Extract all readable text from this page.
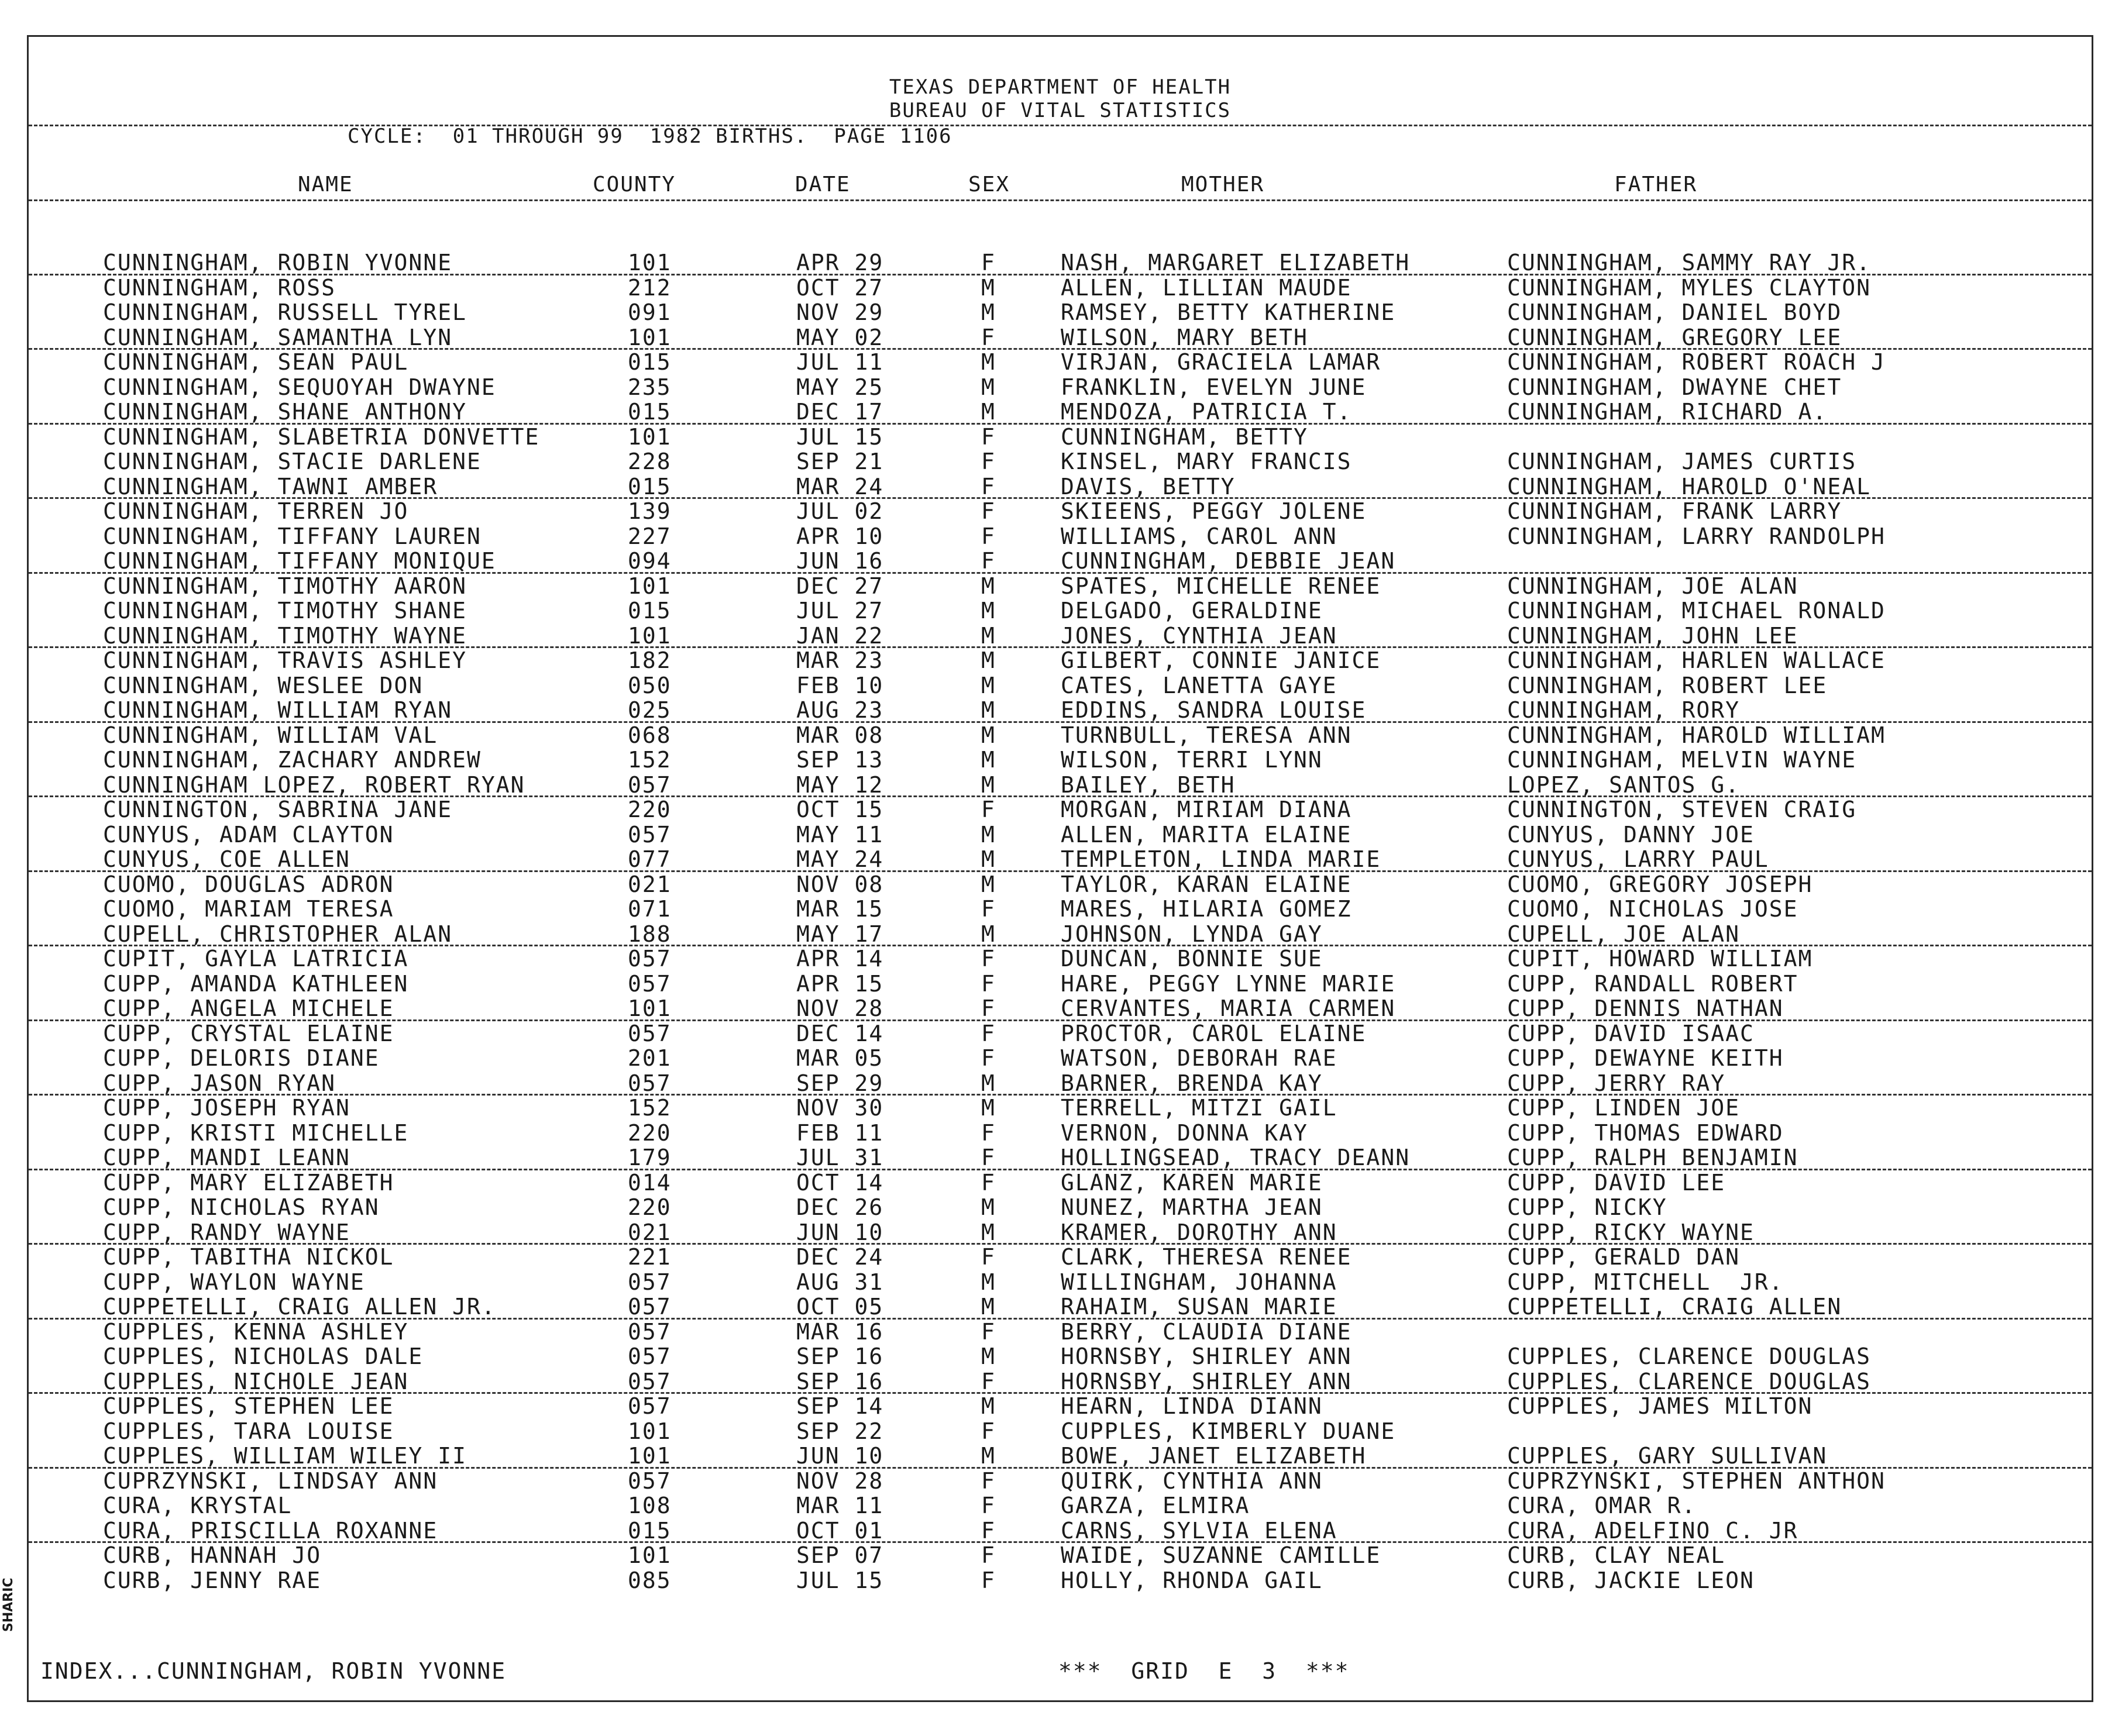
TEXAS DEPARTMENT OF HEALTH
BUREAU OF VITAL STATISTICS
CYCLE:  01 THROUGH 99  1982 BIRTHS.  PAGE 1106
NAME	COUNTY	DATE	SEX	MOTHER	FATHER
CUNNINGHAM, ROBIN YVONNE	101	APR 29	F	NASH, MARGARET ELIZABETH	CUNNINGHAM, SAMMY RAY JR.
CUNNINGHAM, ROSS	212	OCT 27	M	ALLEN, LILLIAN MAUDE	CUNNINGHAM, MYLES CLAYTON
CUNNINGHAM, RUSSELL TYREL	091	NOV 29	M	RAMSEY, BETTY KATHERINE	CUNNINGHAM, DANIEL BOYD
CUNNINGHAM, SAMANTHA LYN	101	MAY 02	F	WILSON, MARY BETH	CUNNINGHAM, GREGORY LEE
CUNNINGHAM, SEAN PAUL	015	JUL 11	M	VIRJAN, GRACIELA LAMAR	CUNNINGHAM, ROBERT ROACH J
CUNNINGHAM, SEQUOYAH DWAYNE	235	MAY 25	M	FRANKLIN, EVELYN JUNE	CUNNINGHAM, DWAYNE CHET
CUNNINGHAM, SHANE ANTHONY	015	DEC 17	M	MENDOZA, PATRICIA T.	CUNNINGHAM, RICHARD A.
CUNNINGHAM, SLABETRIA DONVETTE	101	JUL 15	F	CUNNINGHAM, BETTY
CUNNINGHAM, STACIE DARLENE	228	SEP 21	F	KINSEL, MARY FRANCIS	CUNNINGHAM, JAMES CURTIS
CUNNINGHAM, TAWNI AMBER	015	MAR 24	F	DAVIS, BETTY	CUNNINGHAM, HAROLD O'NEAL
CUNNINGHAM, TERREN JO	139	JUL 02	F	SKIEENS, PEGGY JOLENE	CUNNINGHAM, FRANK LARRY
CUNNINGHAM, TIFFANY LAUREN	227	APR 10	F	WILLIAMS, CAROL ANN	CUNNINGHAM, LARRY RANDOLPH
CUNNINGHAM, TIFFANY MONIQUE	094	JUN 16	F	CUNNINGHAM, DEBBIE JEAN
CUNNINGHAM, TIMOTHY AARON	101	DEC 27	M	SPATES, MICHELLE RENEE	CUNNINGHAM, JOE ALAN
CUNNINGHAM, TIMOTHY SHANE	015	JUL 27	M	DELGADO, GERALDINE	CUNNINGHAM, MICHAEL RONALD
CUNNINGHAM, TIMOTHY WAYNE	101	JAN 22	M	JONES, CYNTHIA JEAN	CUNNINGHAM, JOHN LEE
CUNNINGHAM, TRAVIS ASHLEY	182	MAR 23	M	GILBERT, CONNIE JANICE	CUNNINGHAM, HARLEN WALLACE
CUNNINGHAM, WESLEE DON	050	FEB 10	M	CATES, LANETTA GAYE	CUNNINGHAM, ROBERT LEE
CUNNINGHAM, WILLIAM RYAN	025	AUG 23	M	EDDINS, SANDRA LOUISE	CUNNINGHAM, RORY
CUNNINGHAM, WILLIAM VAL	068	MAR 08	M	TURNBULL, TERESA ANN	CUNNINGHAM, HAROLD WILLIAM
CUNNINGHAM, ZACHARY ANDREW	152	SEP 13	M	WILSON, TERRI LYNN	CUNNINGHAM, MELVIN WAYNE
CUNNINGHAM LOPEZ, ROBERT RYAN	057	MAY 12	M	BAILEY, BETH	LOPEZ, SANTOS G.
CUNNINGTON, SABRINA JANE	220	OCT 15	F	MORGAN, MIRIAM DIANA	CUNNINGTON, STEVEN CRAIG
CUNYUS, ADAM CLAYTON	057	MAY 11	M	ALLEN, MARITA ELAINE	CUNYUS, DANNY JOE
CUNYUS, COE ALLEN	077	MAY 24	M	TEMPLETON, LINDA MARIE	CUNYUS, LARRY PAUL
CUOMO, DOUGLAS ADRON	021	NOV 08	M	TAYLOR, KARAN ELAINE	CUOMO, GREGORY JOSEPH
CUOMO, MARIAM TERESA	071	MAR 15	F	MARES, HILARIA GOMEZ	CUOMO, NICHOLAS JOSE
CUPELL, CHRISTOPHER ALAN	188	MAY 17	M	JOHNSON, LYNDA GAY	CUPELL, JOE ALAN
CUPIT, GAYLA LATRICIA	057	APR 14	F	DUNCAN, BONNIE SUE	CUPIT, HOWARD WILLIAM
CUPP, AMANDA KATHLEEN	057	APR 15	F	HARE, PEGGY LYNNE MARIE	CUPP, RANDALL ROBERT
CUPP, ANGELA MICHELE	101	NOV 28	F	CERVANTES, MARIA CARMEN	CUPP, DENNIS NATHAN
CUPP, CRYSTAL ELAINE	057	DEC 14	F	PROCTOR, CAROL ELAINE	CUPP, DAVID ISAAC
CUPP, DELORIS DIANE	201	MAR 05	F	WATSON, DEBORAH RAE	CUPP, DEWAYNE KEITH
CUPP, JASON RYAN	057	SEP 29	M	BARNER, BRENDA KAY	CUPP, JERRY RAY
CUPP, JOSEPH RYAN	152	NOV 30	M	TERRELL, MITZI GAIL	CUPP, LINDEN JOE
CUPP, KRISTI MICHELLE	220	FEB 11	F	VERNON, DONNA KAY	CUPP, THOMAS EDWARD
CUPP, MANDI LEANN	179	JUL 31	F	HOLLINGSEAD, TRACY DEANN	CUPP, RALPH BENJAMIN
CUPP, MARY ELIZABETH	014	OCT 14	F	GLANZ, KAREN MARIE	CUPP, DAVID LEE
CUPP, NICHOLAS RYAN	220	DEC 26	M	NUNEZ, MARTHA JEAN	CUPP, NICKY
CUPP, RANDY WAYNE	021	JUN 10	M	KRAMER, DOROTHY ANN	CUPP, RICKY WAYNE
CUPP, TABITHA NICKOL	221	DEC 24	F	CLARK, THERESA RENEE	CUPP, GERALD DAN
CUPP, WAYLON WAYNE	057	AUG 31	M	WILLINGHAM, JOHANNA	CUPP, MITCHELL  JR.
CUPPETELLI, CRAIG ALLEN JR.	057	OCT 05	M	RAHAIM, SUSAN MARIE	CUPPETELLI, CRAIG ALLEN
CUPPLES, KENNA ASHLEY	057	MAR 16	F	BERRY, CLAUDIA DIANE
CUPPLES, NICHOLAS DALE	057	SEP 16	M	HORNSBY, SHIRLEY ANN	CUPPLES, CLARENCE DOUGLAS
CUPPLES, NICHOLE JEAN	057	SEP 16	F	HORNSBY, SHIRLEY ANN	CUPPLES, CLARENCE DOUGLAS
CUPPLES, STEPHEN LEE	057	SEP 14	M	HEARN, LINDA DIANN	CUPPLES, JAMES MILTON
CUPPLES, TARA LOUISE	101	SEP 22	F	CUPPLES, KIMBERLY DUANE
CUPPLES, WILLIAM WILEY II	101	JUN 10	M	BOWE, JANET ELIZABETH	CUPPLES, GARY SULLIVAN
CUPRZYNSKI, LINDSAY ANN	057	NOV 28	F	QUIRK, CYNTHIA ANN	CUPRZYNSKI, STEPHEN ANTHON
CURA, KRYSTAL	108	MAR 11	F	GARZA, ELMIRA	CURA, OMAR R.
CURA, PRISCILLA ROXANNE	015	OCT 01	F	CARNS, SYLVIA ELENA	CURA, ADELFINO C. JR
CURB, HANNAH JO	101	SEP 07	F	WAIDE, SUZANNE CAMILLE	CURB, CLAY NEAL
CURB, JENNY RAE	085	JUL 15	F	HOLLY, RHONDA GAIL	CURB, JACKIE LEON
INDEX...CUNNINGHAM, ROBIN YVONNE	***  GRID  E  3  ***
SHARIC
